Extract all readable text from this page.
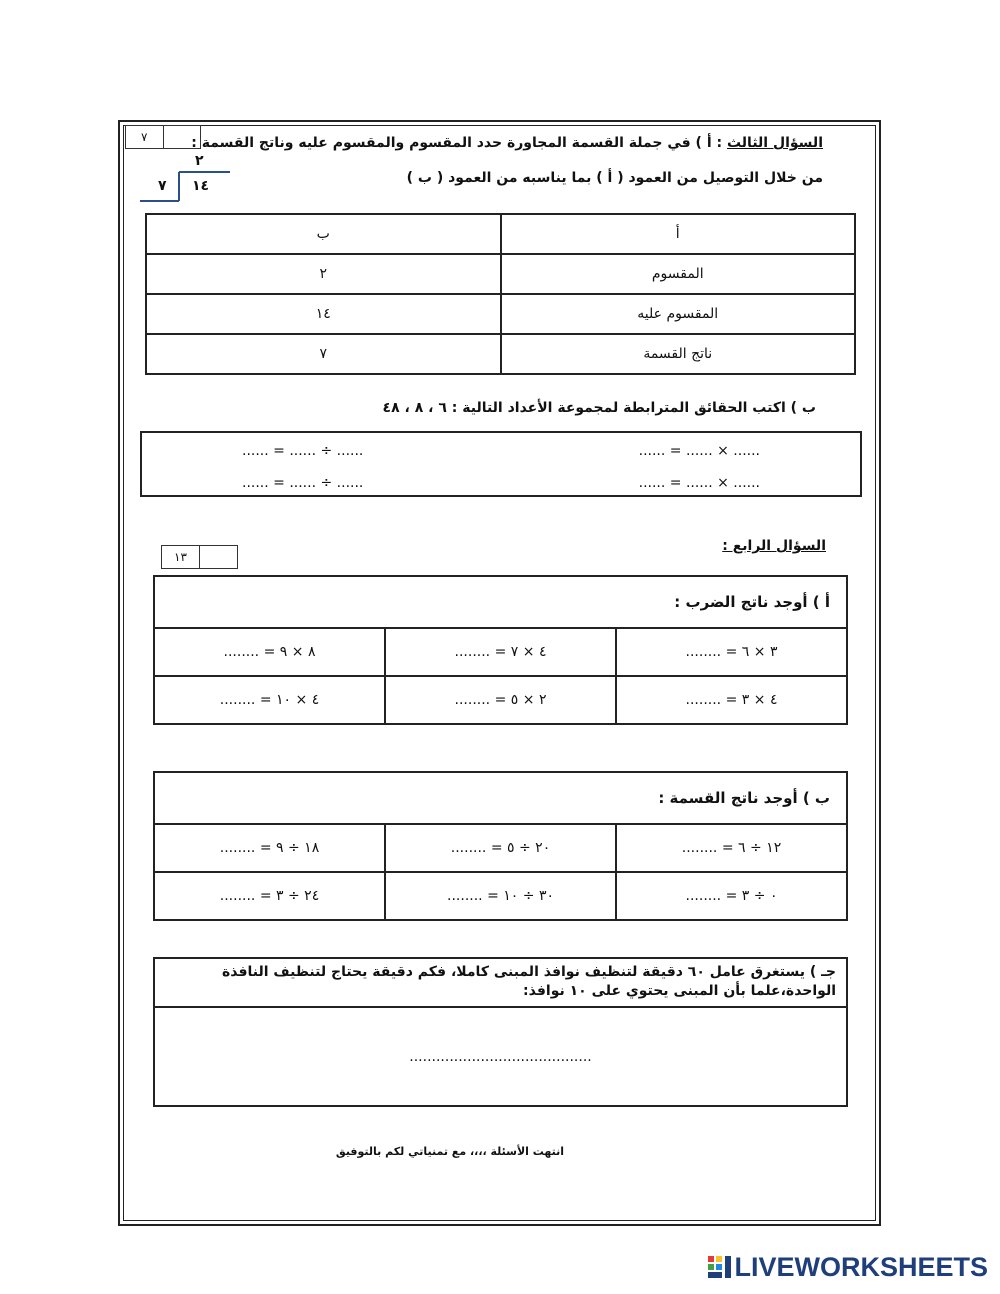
٧	السؤال الثالث : أ ) في جملة القسمة المجاورة حدد المقسوم والمقسوم عليه وناتج القسمة :
من خلال التوصيل من العمود ( أ ) بما يناسبه من العمود ( ب )
٢
١٤
٧
ب	أ
٢	المقسوم
١٤	المقسوم عليه
٧	ناتج القسمة
ب ) اكتب الحقائق المترابطة لمجموعة الأعداد التالية : ٦ ، ٨ ، ٤٨
...... × ...... = ......
...... ÷ ...... = ......
...... × ...... = ......
...... ÷ ...... = ......
السؤال الرابع :
١٣
أ ) أوجد ناتج الضرب :		
٨ × ٩ = ........	٤ × ٧ = ........	٣ × ٦ = ........
٤ × ١٠ = ........	٢ × ٥ = ........	٤ × ٣ = ........
ب ) أوجد ناتج القسمة :		
١٨ ÷ ٩ = ........	٢٠ ÷ ٥ = ........	١٢ ÷ ٦ = ........
٢٤ ÷ ٣ = ........	٣٠ ÷ ١٠ = ........	٠ ÷ ٣ = ........
جـ ) يستغرق عامل ٦٠ دقيقة لتنظيف نوافذ المبنى كاملا، فكم دقيقة يحتاج لتنظيف النافذة الواحدة،علما بأن المبنى يحتوي على ١٠ نوافذ:
.........................................
انتهت الأسئلة ،،،، مع تمنياتي لكم بالتوفيق
LIVEWORKSHEETS
